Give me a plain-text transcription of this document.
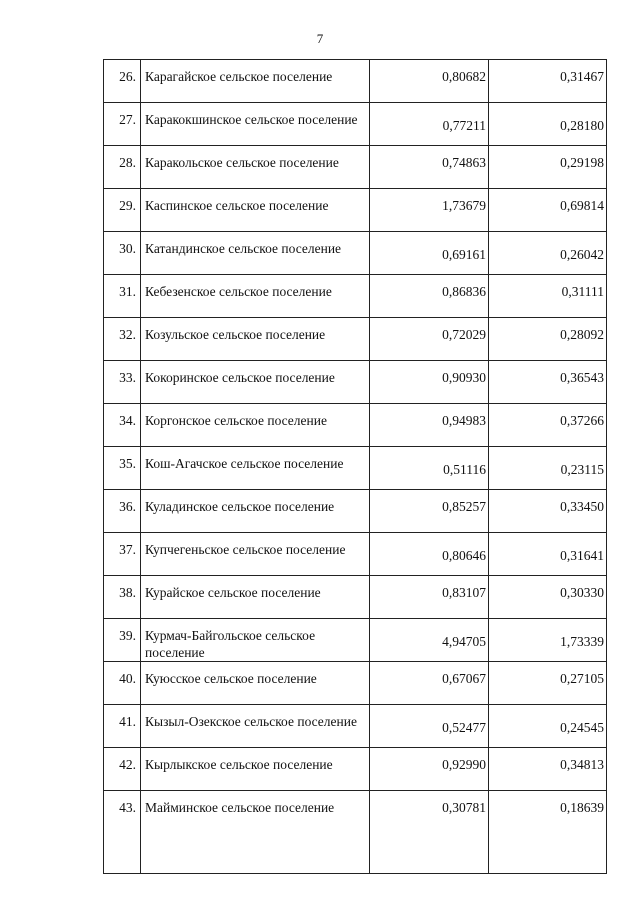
7
26.	Карагайское сельское поселение	0,80682	0,31467
27.	Каракокшинское сельское поселение	0,77211	0,28180
28.	Каракольское сельское поселение	0,74863	0,29198
29.	Каспинское сельское поселение	1,73679	0,69814
30.	Катандинское сельское поселение	0,69161	0,26042
31.	Кебезенское сельское поселение	0,86836	0,31111
32.	Козульское сельское поселение	0,72029	0,28092
33.	Кокоринское сельское поселение	0,90930	0,36543
34.	Коргонское сельское поселение	0,94983	0,37266
35.	Кош-Агачское сельское поселение	0,51116	0,23115
36.	Куладинское сельское поселение	0,85257	0,33450
37.	Купчегеньское сельское поселение	0,80646	0,31641
38.	Курайское сельское поселение	0,83107	0,30330
39.	Курмач-Байгольское сельское поселение	4,94705	1,73339
40.	Куюсское сельское поселение	0,67067	0,27105
41.	Кызыл-Озекское сельское поселение	0,52477	0,24545
42.	Кырлыкское сельское поселение	0,92990	0,34813
43.	Майминское сельское поселение	0,30781	0,18639
